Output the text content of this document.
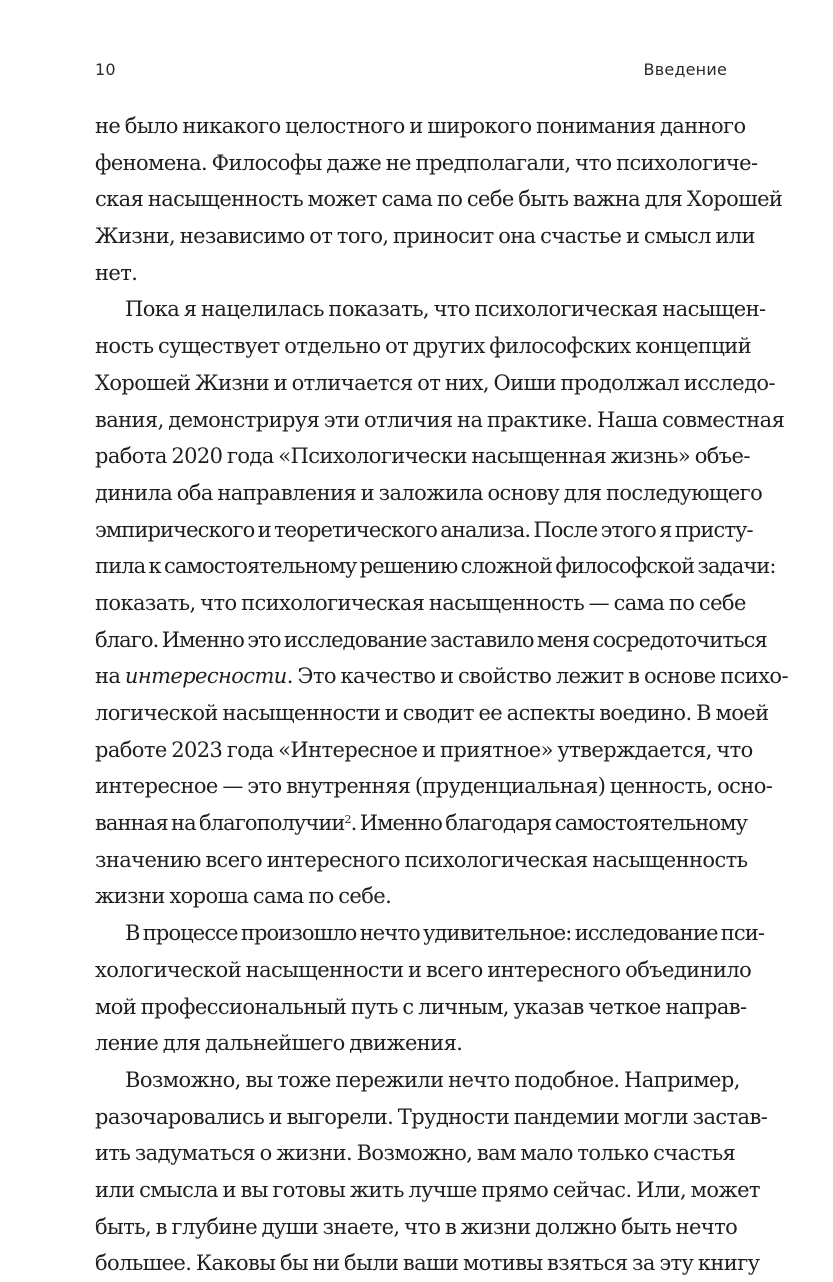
10	Введение
не было никакого целостного и широкого понимания данного
феномена. Философы даже не предполагали, что психологиче-
ская насыщенность может сама по себе быть важна для Хорошей
Жизни, независимо от того, приносит она счастье и смысл или
нет.
Пока я нацелилась показать, что психологическая насыщен-
ность существует отдельно от других философских концепций
Хорошей Жизни и отличается от них, Оиши продолжал исследо-
вания, демонстрируя эти отличия на практике. Наша совместная
работа 2020 года «Психологически насыщенная жизнь» объе-
динила оба направления и заложила основу для последующего
эмпирического и теоретического анализа. После этого я присту-
пила к самостоятельному решению сложной философской задачи:
показать, что психологическая насыщенность — сама по себе
благо. Именно это исследование заставило меня сосредоточиться
на интересности. Это качество и свойство лежит в основе психо-
логической насыщенности и сводит ее аспекты воедино. В моей
работе 2023 года «Интересное и приятное» утверждается, что
интересное — это внутренняя (пруденциальная) ценность, осно-
ванная на благополучии$^2$. Именно благодаря самостоятельному
значению всего интересного психологическая насыщенность
жизни хороша сама по себе.
В процессе произошло нечто удивительное: исследование пси-
хологической насыщенности и всего интересного объединило
мой профессиональный путь с личным, указав четкое направ-
ление для дальнейшего движения.
Возможно, вы тоже пережили нечто подобное. Например,
разочаровались и выгорели. Трудности пандемии могли застав-
ить задуматься о жизни. Возможно, вам мало только счастья
или смысла и вы готовы жить лучше прямо сейчас. Или, может
быть, в глубине души знаете, что в жизни должно быть нечто
большее. Каковы бы ни были ваши мотивы взяться за эту книгу
